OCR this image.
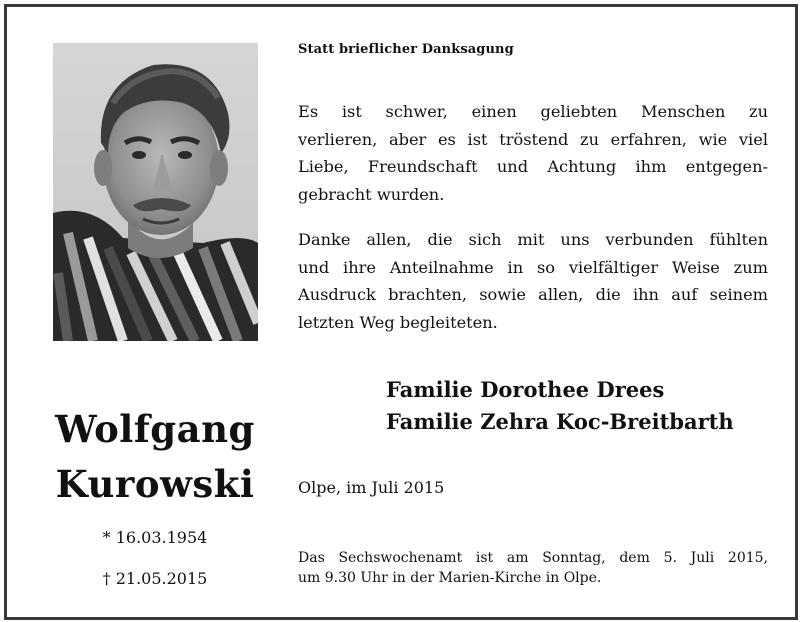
Statt brieflicher Danksagung
Es ist schwer, einen geliebten Menschen zu
verlieren, aber es ist tröstend zu erfahren, wie viel
Liebe, Freundschaft und Achtung ihm entgegen-
gebracht wurden.
Danke allen, die sich mit uns verbunden fühlten
und ihre Anteilnahme in so vielfältiger Weise zum
Ausdruck brachten, sowie allen, die ihn auf seinem
letzten Weg begleiteten.
Familie Dorothee Drees
Familie Zehra Koc-Breitbarth
Wolfgang
Kurowski
* 16.03.1954
† 21.05.2015
Olpe, im Juli 2015
Das Sechswochenamt ist am Sonntag, dem 5. Juli 2015,
um 9.30 Uhr in der Marien-Kirche in Olpe.
